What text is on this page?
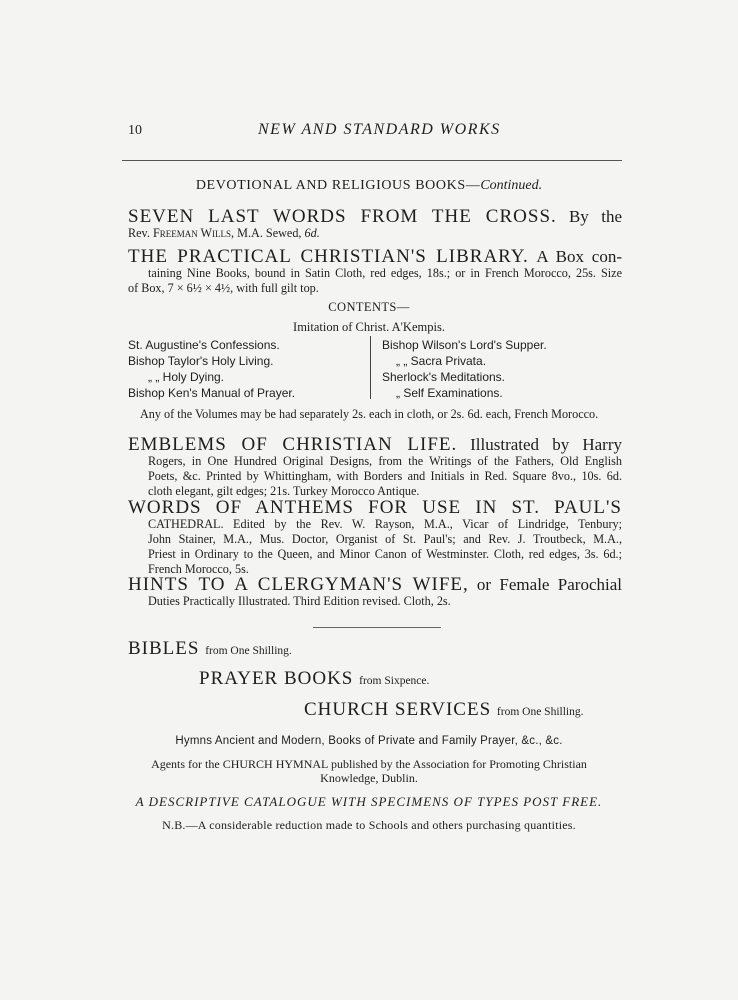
10	NEW AND STANDARD WORKS
DEVOTIONAL AND RELIGIOUS BOOKS—Continued.
SEVEN LAST WORDS FROM THE CROSS. By the
Rev. Freeman Wills, M.A. Sewed, 6d.
THE PRACTICAL CHRISTIAN'S LIBRARY. A Box con-
taining Nine Books, bound in Satin Cloth, red edges, 18s.; or in French Morocco, 25s. Size
of Box, 7 × 6½ × 4½, with full gilt top.
CONTENTS—
Imitation of Christ. A'Kempis.
St. Augustine's Confessions.
Bishop Taylor's Holy Living.
„ „ Holy Dying.
Bishop Ken's Manual of Prayer.
Bishop Wilson's Lord's Supper.
„ „ Sacra Privata.
Sherlock's Meditations.
„ Self Examinations.
Any of the Volumes may be had separately 2s. each in cloth, or 2s. 6d. each, French Morocco.
EMBLEMS OF CHRISTIAN LIFE. Illustrated by Harry
Rogers, in One Hundred Original Designs, from the Writings of the Fathers, Old English
Poets, &c. Printed by Whittingham, with Borders and Initials in Red. Square 8vo., 10s. 6d.
cloth elegant, gilt edges; 21s. Turkey Morocco Antique.
WORDS OF ANTHEMS FOR USE IN ST. PAUL'S
CATHEDRAL. Edited by the Rev. W. Rayson, M.A., Vicar of Lindridge, Tenbury;
John Stainer, M.A., Mus. Doctor, Organist of St. Paul's; and Rev. J. Troutbeck, M.A.,
Priest in Ordinary to the Queen, and Minor Canon of Westminster. Cloth, red edges, 3s. 6d.;
French Morocco, 5s.
HINTS TO A CLERGYMAN'S WIFE, or Female Parochial
Duties Practically Illustrated. Third Edition revised. Cloth, 2s.
BIBLES from One Shilling.
PRAYER BOOKS from Sixpence.
CHURCH SERVICES from One Shilling.
Hymns Ancient and Modern, Books of Private and Family Prayer, &c., &c.
Agents for the CHURCH HYMNAL published by the Association for Promoting Christian
Knowledge, Dublin.
A DESCRIPTIVE CATALOGUE WITH SPECIMENS OF TYPES POST FREE.
N.B.—A considerable reduction made to Schools and others purchasing quantities.
